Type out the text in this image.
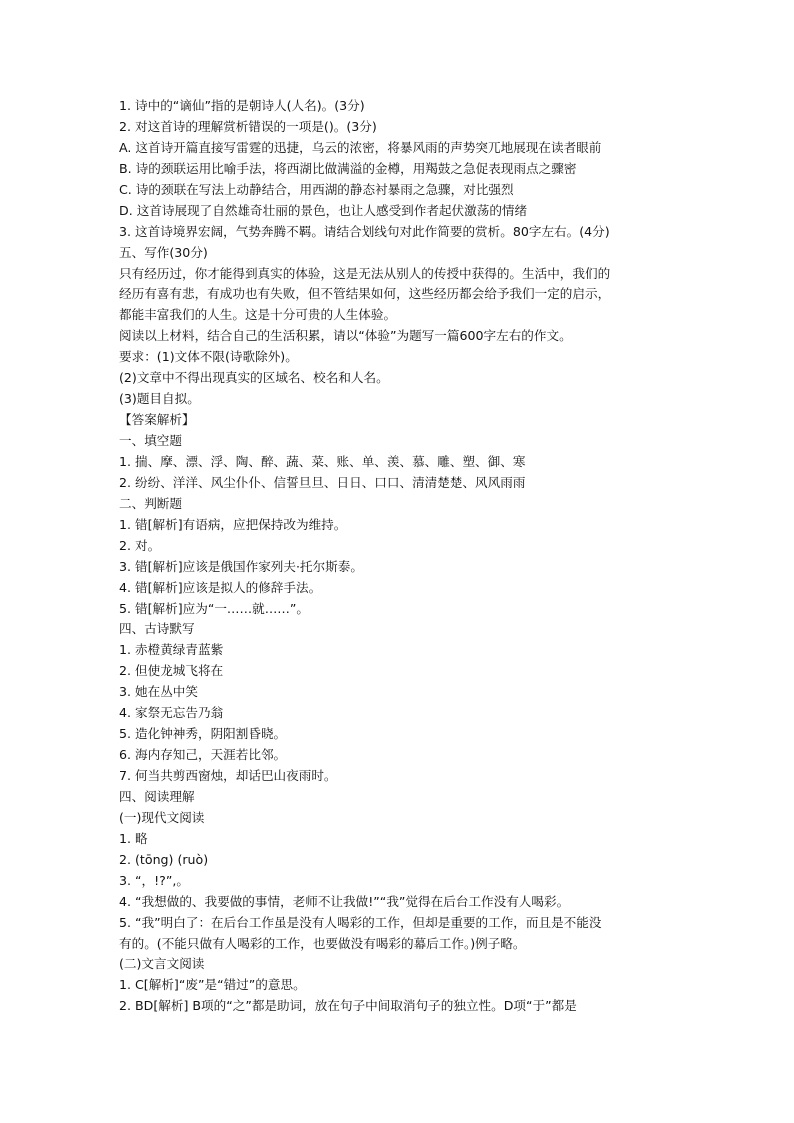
1. 诗中的“谪仙”指的是朝诗人(人名)。(3分)
2. 对这首诗的理解赏析错误的一项是()。(3分)
A. 这首诗开篇直接写雷霆的迅捷，乌云的浓密，将暴风雨的声势突兀地展现在读者眼前
B. 诗的颈联运用比喻手法，将西湖比做满溢的金樽，用羯鼓之急促表现雨点之骤密
C. 诗的颈联在写法上动静结合，用西湖的静态衬暴雨之急骤，对比强烈
D. 这首诗展现了自然雄奇壮丽的景色，也让人感受到作者起伏激荡的情绪
3. 这首诗境界宏阔，气势奔腾不羁。请结合划线句对此作简要的赏析。80字左右。(4分)
五、写作(30分)
只有经历过，你才能得到真实的体验，这是无法从别人的传授中获得的。生活中，我们的
经历有喜有悲，有成功也有失败，但不管结果如何，这些经历都会给予我们一定的启示，
都能丰富我们的人生。这是十分可贵的人生体验。
阅读以上材料，结合自己的生活积累，请以“体验”为题写一篇600字左右的作文。
要求：(1)文体不限(诗歌除外)。
(2)文章中不得出现真实的区域名、校名和人名。
(3)题目自拟。
【答案解析】
一、填空题
1. 揣、摩、漂、浮、陶、醉、蔬、菜、账、单、羡、慕、雕、塑、御、寒
2. 纷纷、洋洋、风尘仆仆、信誓旦旦、日日、口口、清清楚楚、风风雨雨
二、判断题
1. 错[解析]有语病，应把保持改为维持。
2. 对。
3. 错[解析]应该是俄国作家列夫·托尔斯泰。
4. 错[解析]应该是拟人的修辞手法。
5. 错[解析]应为“一……就……”。
四、古诗默写
1. 赤橙黄绿青蓝紫
2. 但使龙城飞将在
3. 她在丛中笑
4. 家祭无忘告乃翁
5. 造化钟神秀，阴阳割昏晓。
6. 海内存知己，天涯若比邻。
7. 何当共剪西窗烛，却话巴山夜雨时。
四、阅读理解
(一)现代文阅读
1. 略
2. (tōng) (ruò)
3. “，!?”,。
4. “我想做的、我要做的事情，老师不让我做!”“我”觉得在后台工作没有人喝彩。
5. “我”明白了：在后台工作虽是没有人喝彩的工作，但却是重要的工作，而且是不能没
有的。(不能只做有人喝彩的工作，也要做没有喝彩的幕后工作。)例子略。
(二)文言文阅读
1. C[解析]“废”是“错过”的意思。
2. BD[解析] B项的“之”都是助词，放在句子中间取消句子的独立性。D项“于”都是
